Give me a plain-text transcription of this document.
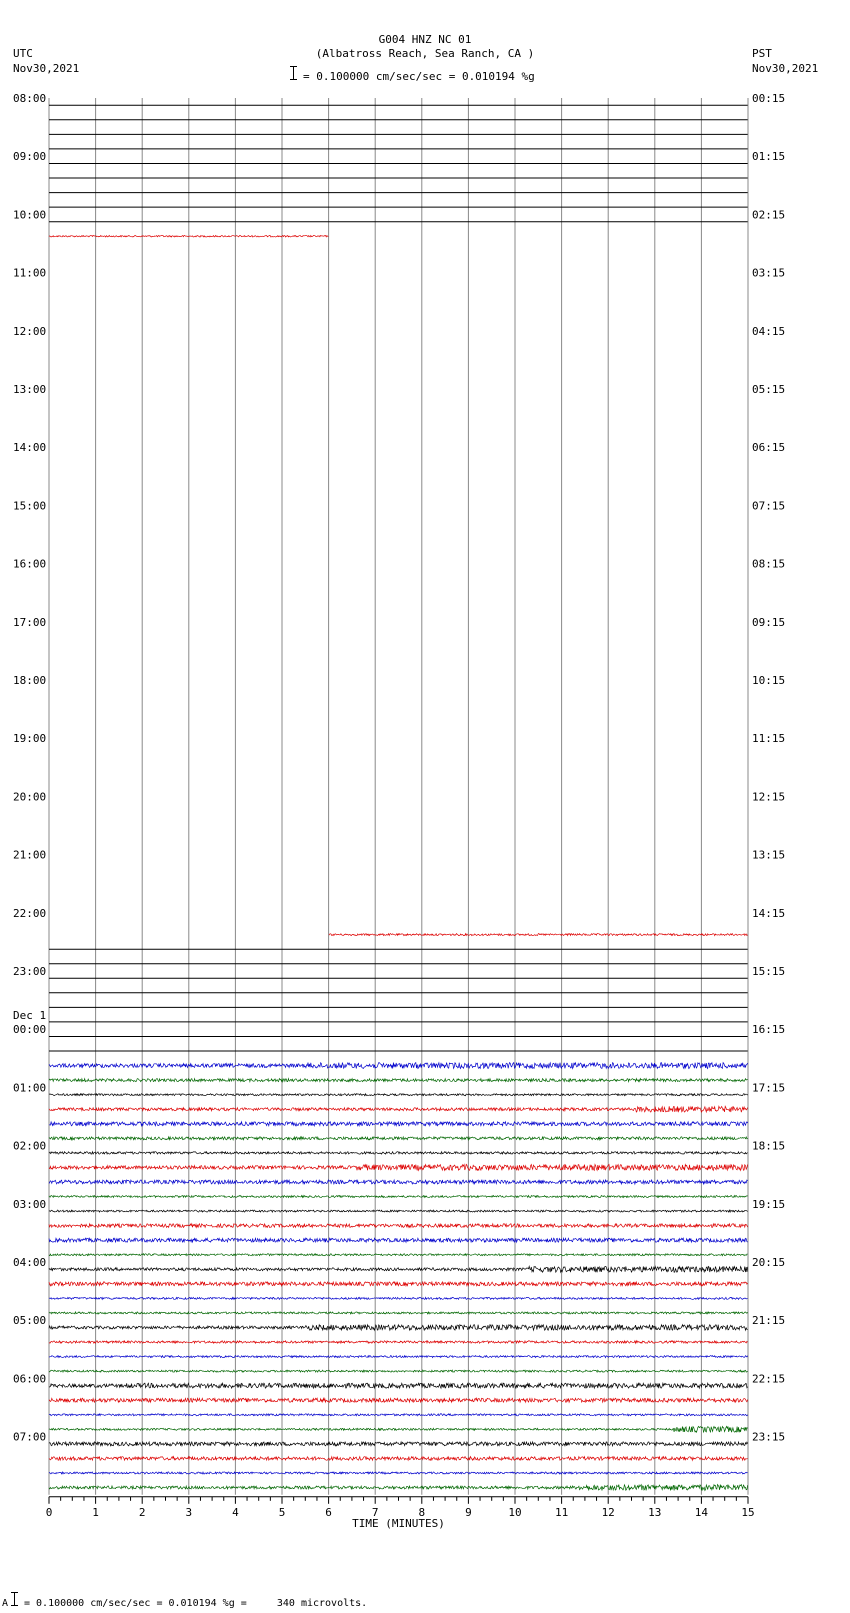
G004 HNZ NC 01
(Albatross Reach, Sea Ranch, CA )
UTC
Nov30,2021
PST
Nov30,2021
= 0.100000 cm/sec/sec = 0.010194 %g
A = 0.100000 cm/sec/sec = 0.010194 %g =     340 microvolts.
08:00
09:00
10:00
11:00
12:00
13:00
14:00
15:00
16:00
17:00
18:00
19:00
20:00
21:00
22:00
23:00
00:00
Dec 1
01:00
02:00
03:00
04:00
05:00
06:00
07:00
00:15
01:15
02:15
03:15
04:15
05:15
06:15
07:15
08:15
09:15
10:15
11:15
12:15
13:15
14:15
15:15
16:15
17:15
18:15
19:15
20:15
21:15
22:15
23:15
0	1	2	3	4	5	6	7	8	9	10	11	12	13	14	15
TIME (MINUTES)
